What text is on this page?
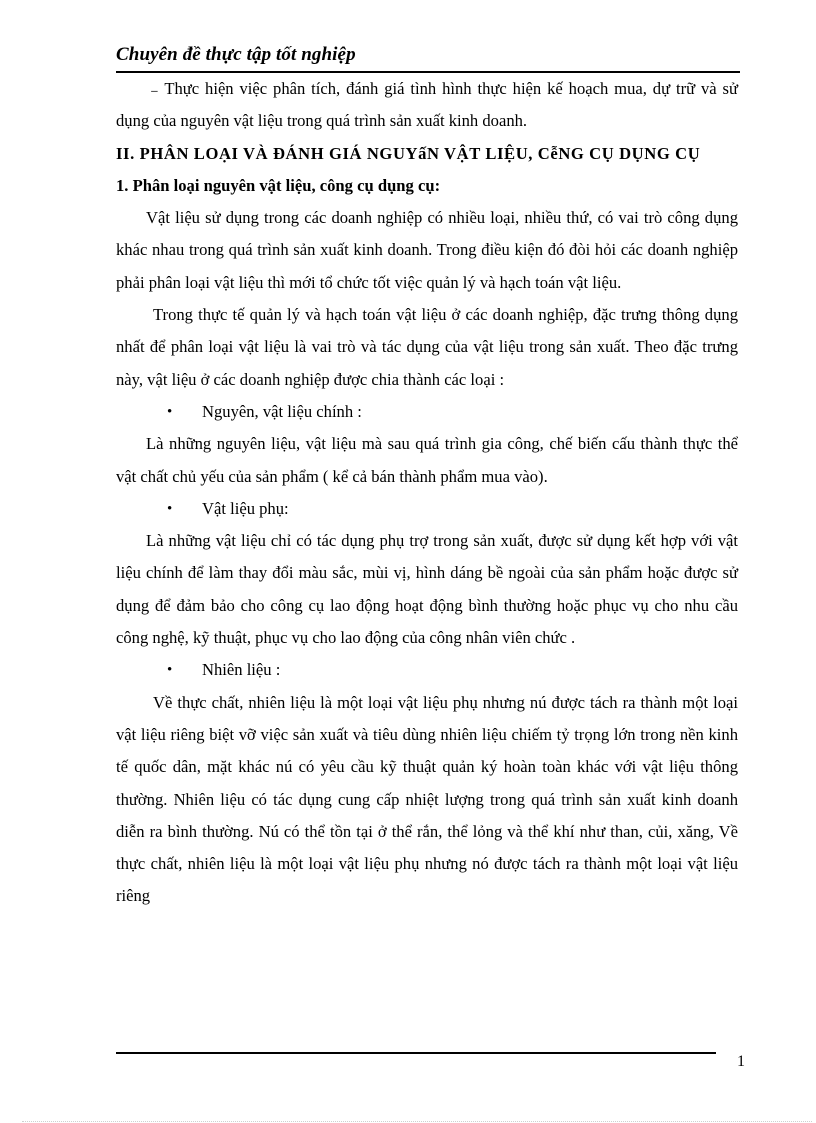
Chuyên đề thực tập tốt nghiệp

₋ Thực hiện việc phân tích, đánh giá tình hình thực hiện kế hoạch mua, dự trữ và sử dụng của nguyên vật liệu trong quá trình sản xuất kinh doanh.

II. PHÂN LOẠI VÀ ĐÁNH GIÁ NGUYấN VẬT LIỆU, CễNG CỤ DỤNG CỤ

1. Phân loại nguyên vật liệu, công cụ dụng cụ:

Vật liệu sử dụng trong các doanh nghiệp có nhiều loại, nhiều thứ, có vai trò công dụng khác nhau trong quá trình sản xuất kinh doanh. Trong điều kiện đó đòi hỏi các doanh nghiệp phải phân loại vật liệu thì mới tổ chức tốt việc quản lý và hạch toán vật liệu.

Trong thực tế quản lý và hạch toán vật liệu ở các doanh nghiệp, đặc trưng thông dụng nhất để phân loại vật liệu là vai trò và tác dụng của vật liệu trong sản xuất. Theo đặc trưng này, vật liệu ở các doanh nghiệp được chia thành các loại :

• Nguyên, vật liệu chính :

Là những nguyên liệu, vật liệu mà sau quá trình gia công, chế biến cấu thành thực thể vật chất chủ yếu của sản phẩm ( kể cả bán thành phẩm mua vào).

• Vật liệu phụ:

Là những vật liệu chỉ có tác dụng phụ trợ trong sản xuất, được sử dụng kết hợp với vật liệu chính để làm thay đổi màu sắc, mùi vị, hình dáng bề ngoài của sản phẩm hoặc được sử dụng để đảm bảo cho công cụ lao động hoạt động bình thường hoặc phục vụ cho nhu cầu công nghệ, kỹ thuật, phục vụ cho lao động của công nhân viên chức .

• Nhiên liệu :

Về thực chất, nhiên liệu là một loại vật liệu phụ nhưng nú được tách ra thành một loại vật liệu riêng biệt vỡ việc sản xuất và tiêu dùng nhiên liệu chiếm tỷ trọng lớn trong nền kinh tế quốc dân, mặt khác nú có yêu cầu kỹ thuật quản ký hoàn toàn khác với vật liệu thông thường. Nhiên liệu có tác dụng cung cấp nhiệt lượng trong quá trình sản xuất kinh doanh diễn ra bình thường. Nú có thể tồn tại ở thể rắn, thể lỏng và thể khí như than, củi, xăng, Về thực chất, nhiên liệu là một loại vật liệu phụ nhưng nó được tách ra thành một loại vật liệu riêng

1
